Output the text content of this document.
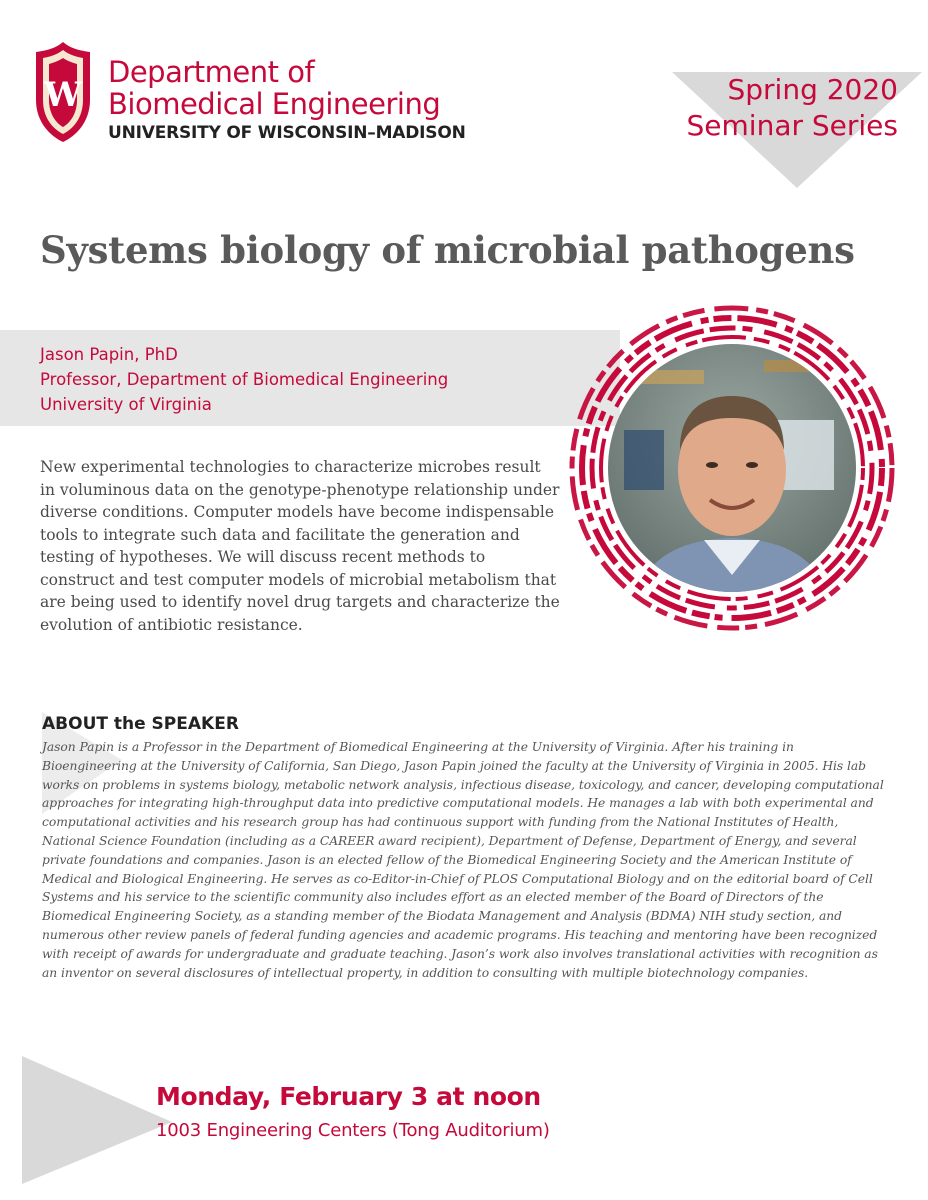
W
Department of
Biomedical Engineering
UNIVERSITY OF WISCONSIN–MADISON
Spring 2020
Seminar Series
Systems biology of microbial pathogens
Jason Papin, PhD
Professor, Department of Biomedical Engineering
University of Virginia
New experimental technologies to characterize microbes result in voluminous data on the genotype-phenotype relationship under diverse conditions. Computer models have become indispensable tools to integrate such data and facilitate the generation and testing of hypotheses. We will discuss recent methods to construct and test computer models of microbial metabolism that are being used to identify novel drug targets and characterize the evolution of antibiotic resistance.
ABOUT the SPEAKER
Jason Papin is a Professor in the Department of Biomedical Engineering at the University of Virginia. After his training in Bioengineering at the University of California, San Diego, Jason Papin joined the faculty at the University of Virginia in 2005. His lab works on problems in systems biology, metabolic network analysis, infectious disease, toxicology, and cancer, developing computational approaches for integrating high-throughput data into predictive computational models. He manages a lab with both experimental and computational activities and his research group has had continuous support with funding from the National Institutes of Health, National Science Foundation (including as a CAREER award recipient), Department of Defense, Department of Energy, and several private foundations and companies. Jason is an elected fellow of the Biomedical Engineering Society and the American Institute of Medical and Biological Engineering. He serves as co-Editor-in-Chief of PLOS Computational Biology and on the editorial board of Cell Systems and his service to the scientific community also includes effort as an elected member of the Board of Directors of the Biomedical Engineering Society, as a standing member of the Biodata Management and Analysis (BDMA) NIH study section, and numerous other review panels of federal funding agencies and academic programs. His teaching and mentoring have been recognized with receipt of awards for undergraduate and graduate teaching. Jason’s work also involves translational activities with recognition as an inventor on several disclosures of intellectual property, in addition to consulting with multiple biotechnology companies.
Monday, February 3 at noon
1003 Engineering Centers (Tong Auditorium)
